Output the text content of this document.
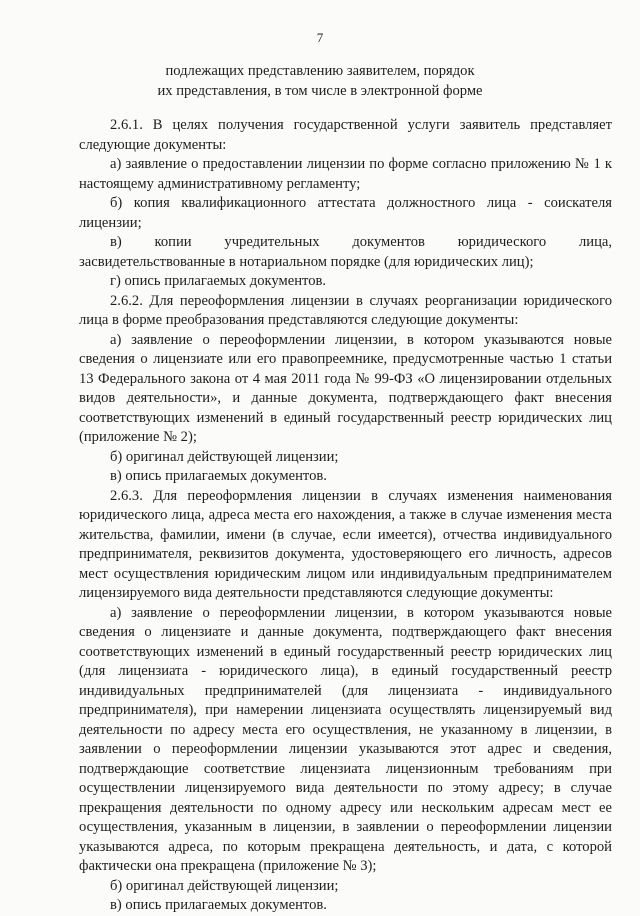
7
подлежащих представлению заявителем, порядок
их представления, в том числе в электронной форме

2.6.1. В целях получения государственной услуги заявитель представляет следующие документы:

а) заявление о предоставлении лицензии по форме согласно приложению № 1 к настоящему административному регламенту;

б) копия квалификационного аттестата должностного лица - соискателя лицензии;

в) копии учредительных документов юридического лица, засвидетельствованные в нотариальном порядке (для юридических лиц);

г) опись прилагаемых документов.

2.6.2. Для переоформления лицензии в случаях реорганизации юридического лица в форме преобразования представляются следующие документы:

а) заявление о переоформлении лицензии, в котором указываются новые сведения о лицензиате или его правопреемнике, предусмотренные частью 1 статьи 13 Федерального закона от 4 мая 2011 года № 99-ФЗ «О лицензировании отдельных видов деятельности», и данные документа, подтверждающего факт внесения соответствующих изменений в единый государственный реестр юридических лиц (приложение № 2);

б) оригинал действующей лицензии;

в) опись прилагаемых документов.

2.6.3. Для переоформления лицензии в случаях изменения наименования юридического лица, адреса места его нахождения, а также в случае изменения места жительства, фамилии, имени (в случае, если имеется), отчества индивидуального предпринимателя, реквизитов документа, удостоверяющего его личность, адресов мест осуществления юридическим лицом или индивидуальным предпринимателем лицензируемого вида деятельности представляются следующие документы:

а) заявление о переоформлении лицензии, в котором указываются новые сведения о лицензиате и данные документа, подтверждающего факт внесения соответствующих изменений в единый государственный реестр юридических лиц (для лицензиата - юридического лица), в единый государственный реестр индивидуальных предпринимателей (для лицензиата - индивидуального предпринимателя), при намерении лицензиата осуществлять лицензируемый вид деятельности по адресу места его осуществления, не указанному в лицензии, в заявлении о переоформлении лицензии указываются этот адрес и сведения, подтверждающие соответствие лицензиата лицензионным требованиям при осуществлении лицензируемого вида деятельности по этому адресу; в случае прекращения деятельности по одному адресу или нескольким адресам мест ее осуществления, указанным в лицензии, в заявлении о переоформлении лицензии указываются адреса, по которым прекращена деятельность, и дата, с которой фактически она прекращена (приложение № 3);

б) оригинал действующей лицензии;

в) опись прилагаемых документов.
